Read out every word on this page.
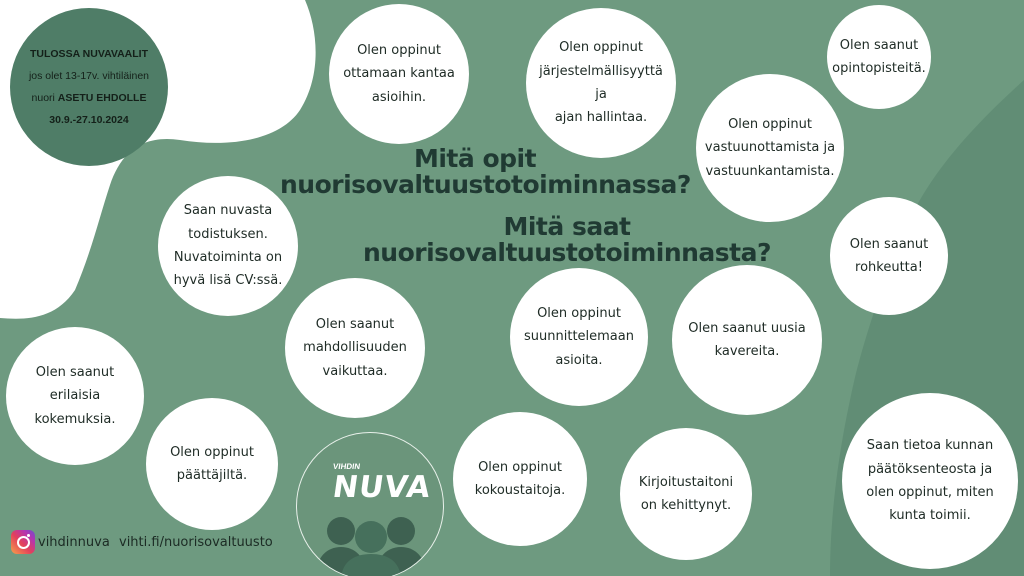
TULOSSA NUVAVAALIT
jos olet 13-17v. vihtiläinen
nuori ASETU EHDOLLE
30.9.-27.10.2024
Mitä opit
nuorisovaltuustotoiminnassa?
Mitä saat
nuorisovaltuustotoiminnasta?
Olen oppinut
ottamaan kantaa
asioihin.
Olen oppinut
järjestelmällisyyttä ja
ajan hallintaa.
Olen saanut
opintopisteitä.
Olen oppinut
vastuunottamista ja
vastuunkantamista.
Saan nuvasta
todistuksen.
Nuvatoiminta on
hyvä lisä CV:ssä.
Olen saanut
rohkeutta!
Olen saanut
mahdollisuuden
vaikuttaa.
Olen oppinut
suunnittelemaan
asioita.
Olen saanut uusia
kavereita.
Olen saanut
erilaisia
kokemuksia.
Olen oppinut
päättäjiltä.
Olen oppinut
kokoustaitoja.
Kirjoitustaitoni
on kehittynyt.
Saan tietoa kunnan
päätöksenteosta ja
olen oppinut, miten
kunta toimii.
VIHDIN
NUVA
vihdinnuva vihti.fi/nuorisovaltuusto
